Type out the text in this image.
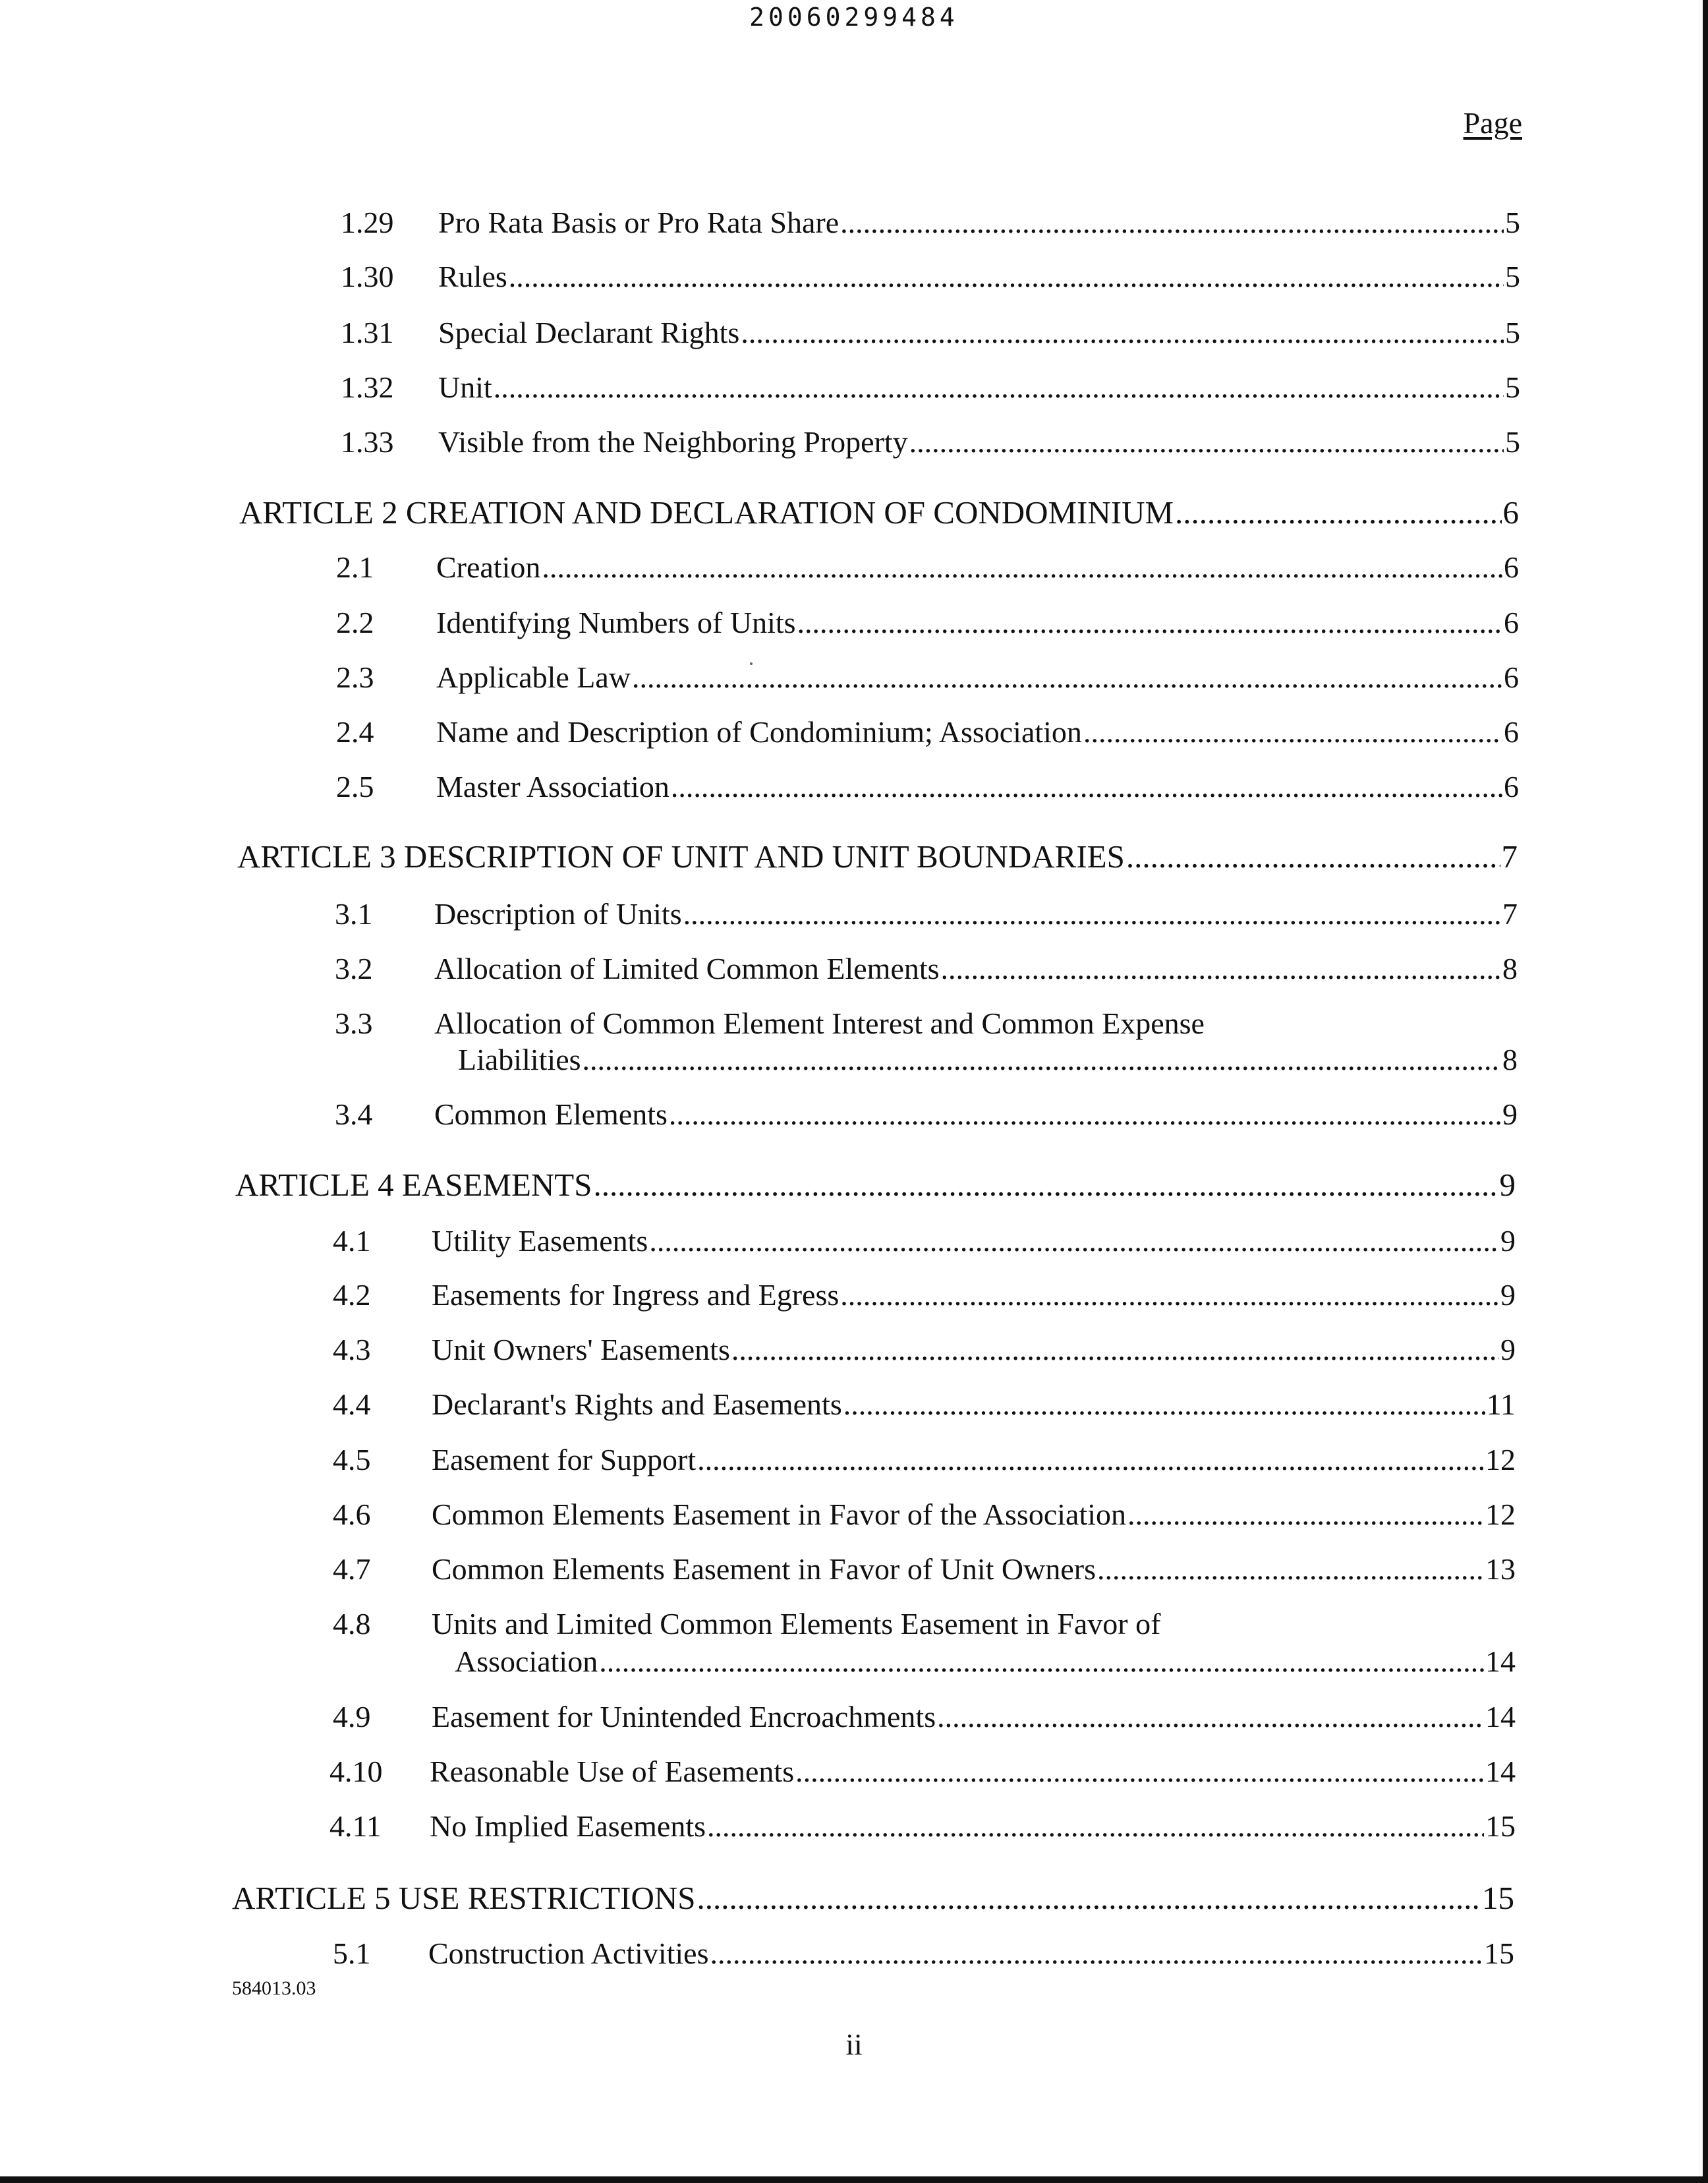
20060299484
Page
1.29 Pro Rata Basis or Pro Rata Share .....	5
1.30 Rules .....	5
1.31 Special Declarant Rights .....	5
1.32 Unit .....	5
1.33 Visible from the Neighboring Property .....	5
ARTICLE 2 CREATION AND DECLARATION OF CONDOMINIUM .....	6
2.1 Creation .....	6
2.2 Identifying Numbers of Units .....	6
2.3 Applicable Law .....	6
2.4 Name and Description of Condominium; Association .....	6
2.5 Master Association .....	6
ARTICLE 3 DESCRIPTION OF UNIT AND UNIT BOUNDARIES .....	7
3.1 Description of Units .....	7
3.2 Allocation of Limited Common Elements .....	8
3.3 Allocation of Common Element Interest and Common Expense
Liabilities .....	8
3.4 Common Elements .....	9
ARTICLE 4 EASEMENTS .....	9
4.1 Utility Easements .....	9
4.2 Easements for Ingress and Egress .....	9
4.3 Unit Owners' Easements .....	9
4.4 Declarant's Rights and Easements .....	11
4.5 Easement for Support .....	12
4.6 Common Elements Easement in Favor of the Association .....	12
4.7 Common Elements Easement in Favor of Unit Owners .....	13
4.8 Units and Limited Common Elements Easement in Favor of
Association .....	14
4.9 Easement for Unintended Encroachments .....	14
4.10 Reasonable Use of Easements .....	14
4.11 No Implied Easements .....	15
ARTICLE 5 USE RESTRICTIONS .....	15
5.1 Construction Activities .....	15
584013.03
ii
